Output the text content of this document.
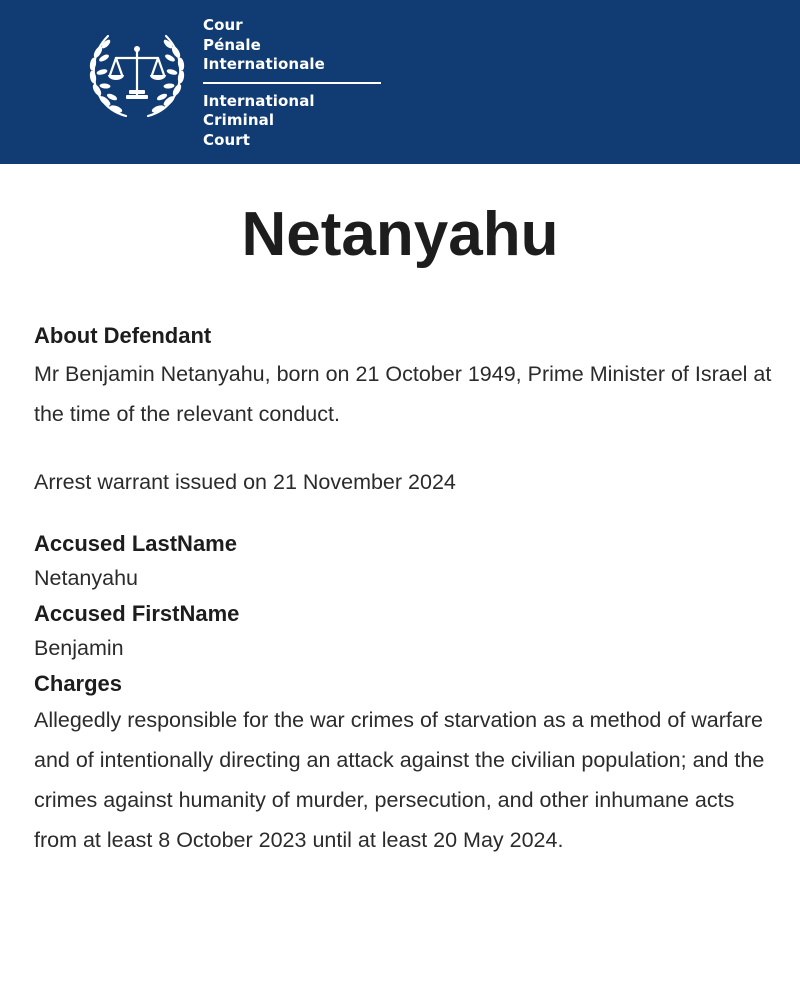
Cour
Pénale
Internationale
International
Criminal
Court
Netanyahu
About Defendant
Mr Benjamin Netanyahu, born on 21 October 1949, Prime Minister of Israel at the time of the relevant conduct.
Arrest warrant issued on 21 November 2024
Accused LastName
Netanyahu
Accused FirstName
Benjamin
Charges
Allegedly responsible for the war crimes of starvation as a method of warfare and of intentionally directing an attack against the civilian population; and the crimes against humanity of murder, persecution, and other inhumane acts from at least 8 October 2023 until at least 20 May 2024.
